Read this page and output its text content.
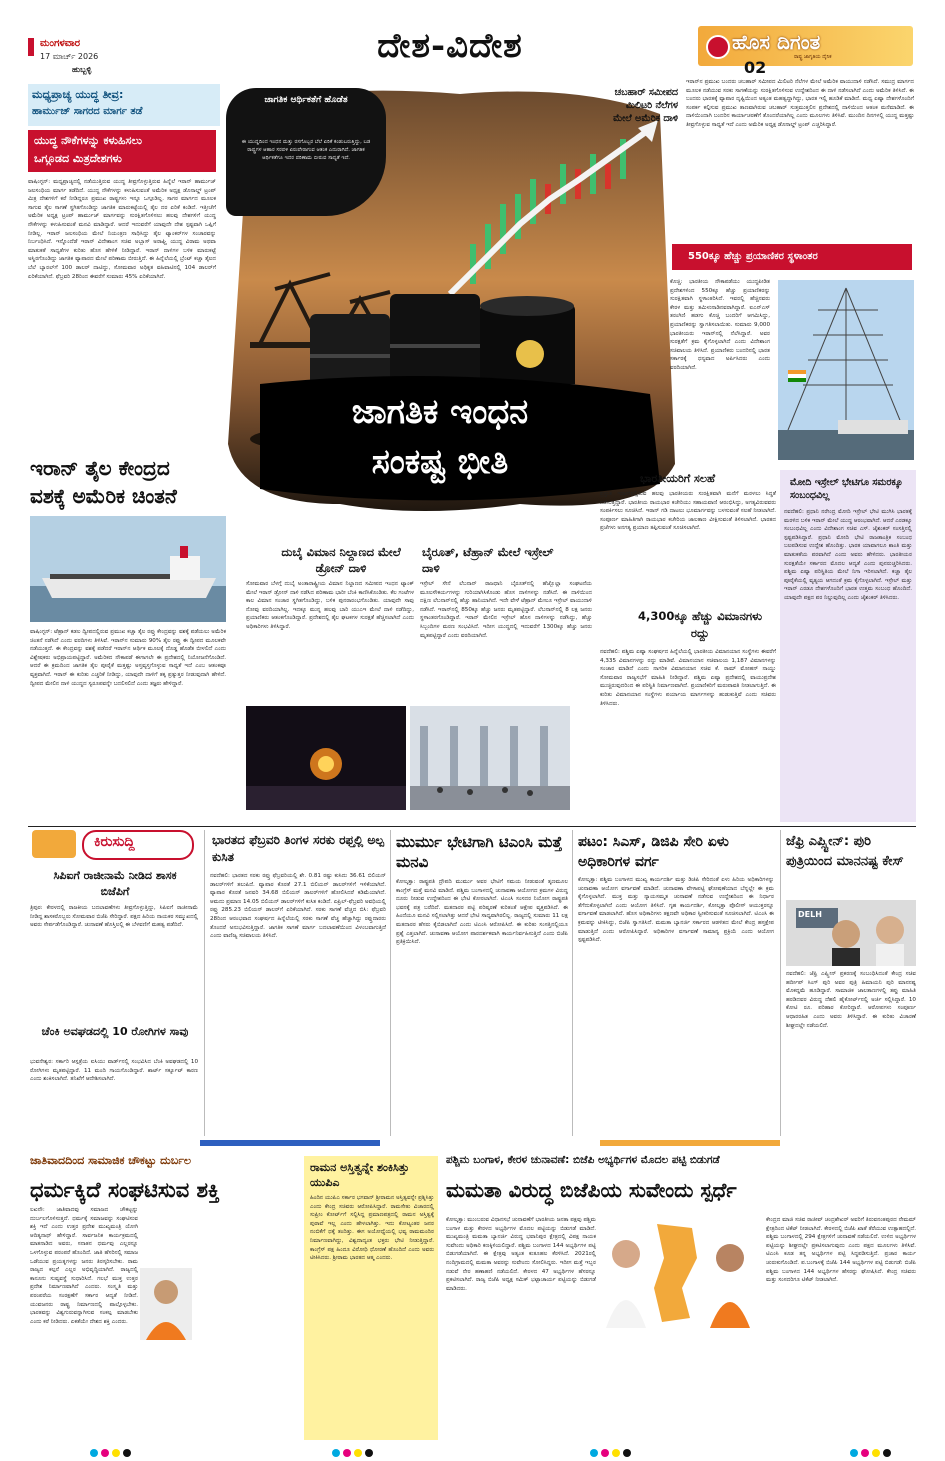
ಮಂಗಳವಾರ
17 ಮಾರ್ಚ್ 2026
ಹುಬ್ಬಳ್ಳಿ
ದೇಶ-ವಿದೇಶ	ಹೊಸ ದಿಗಂತ
ರಾಷ್ಟ್ರ ಜಾಗೃತಿಯ ದೈನಿಕ
02
ಮಧ್ಯಪ್ರಾಚ್ಯ ಯುದ್ಧ ತೀವ್ರ:
ಹಾರ್ಮುಜ್ ಸಾಗರದ ಮಾರ್ಗ ತಡೆ
ಯುದ್ಧ ನೌಕೆಗಳನ್ನು ಕಳುಹಿಸಲು
ಒಗ್ಗೂಡದ ಮಿತ್ರದೇಶಗಳು
ವಾಷಿಂಗ್ಟನ್: ಮಧ್ಯಪ್ರಾಚ್ಯದಲ್ಲಿ ನಡೆಯುತ್ತಿರುವ ಯುದ್ಧ ತೀವ್ರಗೊಳ್ಳುತ್ತಿರುವ ಹಿನ್ನೆಲೆ ಇರಾನ್ ಹಾರ್ಮುಜ್ ಜಲಸಂಧಿಯ ಮಾರ್ಗ ತಡೆದಿದೆ. ಯುದ್ಧ ನೌಕೆಗಳನ್ನು ಕಳುಹಿಸುವಂತೆ ಅಮೆರಿಕ ಅಧ್ಯಕ್ಷ ಡೊನಾಲ್ಡ್ ಟ್ರಂಪ್ ಮಿತ್ರ ದೇಶಗಳಿಗೆ ಕರೆ ನೀಡಿದ್ದರೂ ಪ್ರಮುಖ ರಾಷ್ಟ್ರಗಳು ಇನ್ನೂ ಒಗ್ಗೂಡಿಲ್ಲ. ಸಾಗರ ಮಾರ್ಗದ ಮೂಲಕ ಸಾಗುವ ತೈಲ ಸಾಗಣೆ ಸ್ಥಗಿತಗೊಂಡಿದ್ದು ಜಾಗತಿಕ ಮಾರುಕಟ್ಟೆಯಲ್ಲಿ ತೈಲ ದರ ಏರಿಕೆ ಕಂಡಿದೆ. ಇತ್ತೀಚೆಗೆ ಅಮೆರಿಕ ಅಧ್ಯಕ್ಷ ಟ್ರಂಪ್ ಹಾರ್ಮುಜ್ ಮಾರ್ಗವನ್ನು ಸುರಕ್ಷಿತಗೊಳಿಸಲು ಹಲವು ದೇಶಗಳಿಗೆ ಯುದ್ಧ ನೌಕೆಗಳನ್ನು ಕಳುಹಿಸುವಂತೆ ಮನವಿ ಮಾಡಿದ್ದಾರೆ. ಆದರೆ ಇದುವರೆಗೆ ಯಾವುದೇ ದೇಶ ಸ್ಪಷ್ಟವಾಗಿ ಒಪ್ಪಿಗೆ ನೀಡಿಲ್ಲ. ಇರಾನ್ ಜಲಸಂಧಿಯ ಮೇಲೆ ನಿಯಂತ್ರಣ ಸಾಧಿಸಿದ್ದು ತೈಲ ಟ್ಯಾಂಕರ್‌ಗಳ ಸಂಚಾರವನ್ನು ನಿರ್ಬಂಧಿಸಿದೆ. ಇನ್ನೊಂದೆಡೆ ಇರಾನ್ ವಿದೇಶಾಂಗ ಸಚಿವ ಅಬ್ಬಾಸ್ ಅರಾಘ್ಚಿ ಯುದ್ಧ ವಿರಾಮ ಅಥವಾ ಮಾತುಕತೆ ಸಾಧ್ಯತೆಗಳ ಕುರಿತು ಹೊಸ ಹೇಳಿಕೆ ನೀಡಿದ್ದಾರೆ. ಇರಾನ್ ದಾಳಿಗಳ ಬಳಿಕ ಮಾರುಕಟ್ಟೆ ಅಸ್ಥಿರಗೊಂಡಿದ್ದು ಜಾಗತಿಕ ವ್ಯಾಪಾರದ ಮೇಲೆ ಪರಿಣಾಮ ಬೀರುತ್ತಿದೆ. ಈ ಹಿನ್ನೆಲೆಯಲ್ಲಿ ಬ್ರೆಂಟ್ ಕಚ್ಚಾ ತೈಲದ ಬೆಲೆ ಬ್ಯಾರಲ್‌ಗೆ 100 ಡಾಲರ್ ದಾಟಿದ್ದು, ಸೋಮವಾರ ಅಧಿಕೃತ ವಹಿವಾಟಿನಲ್ಲಿ 104 ಡಾಲರ್‌ಗೆ ಏರಿಕೆಯಾಗಿದೆ. ಫೆಬ್ರವರಿ 28ರಿಂದ ಈವರೆಗೆ ಸುಮಾರು 45% ಏರಿಕೆಯಾಗಿದೆ.
ಜಾಗತಿಕ ಆರ್ಥಿಕತೆಗೆ ಹೊಡೆತ
ಈ ಯುದ್ಧದಿಂದ ಇಂಧನ ಮತ್ತು ರಸಗೊಬ್ಬರ ಬೆಲೆ ಏರಿಕೆ ಕಂಡುಬರುತ್ತಿದ್ದು, ಬಡ ರಾಷ್ಟ್ರಗಳ ಆಹಾರ ಸರಪಳಿ ಏರುಪೇರಾಗುವ ಆತಂಕ ಎದುರಾಗಿದೆ. ಜಾಗತಿಕ ಆರ್ಥಿಕತೆಗೂ ಇದರ ಪರಿಣಾಮ ಬೀರುವ ಸಾಧ್ಯತೆ ಇದೆ.
ಜಾಗತಿಕ ಇಂಧನ
ಸಂಕಷ್ಟ ಭೀತಿ
ಚಬಹಾರ್ ಸಮೀಪದ ಮಿಲಿಟರಿ ನೆಲೆಗಳ ಮೇಲೆ ಅಮೆರಿಕ ದಾಳಿ
ಇರಾನ್‌ನ ಪ್ರಮುಖ ಬಂದರು ಚಬಹಾರ್ ಸಮೀಪದ ಮಿಲಿಟರಿ ನೆಲೆಗಳ ಮೇಲೆ ಅಮೆರಿಕ ವಾಯುದಾಳಿ ನಡೆಸಿದೆ. ಸಮುದ್ರ ಮಾರ್ಗದ ಮೂಲಕ ನಡೆಯುವ ಸರಕು ಸಾಗಣೆಯನ್ನು ಸುರಕ್ಷಿತಗೊಳಿಸುವ ಉದ್ದೇಶದಿಂದ ಈ ದಾಳಿ ನಡೆಸಲಾಗಿದೆ ಎಂದು ಅಮೆರಿಕ ತಿಳಿಸಿದೆ. ಈ ಬಂದರು ಭಾರತಕ್ಕೆ ವ್ಯಾಪಾರ ದೃಷ್ಟಿಯಿಂದ ಅತ್ಯಂತ ಮಹತ್ವದ್ದಾಗಿದ್ದು, ಭಾರತ ಇಲ್ಲಿ ಹೂಡಿಕೆ ಮಾಡಿದೆ. ಮಧ್ಯ ಏಷ್ಯಾ ದೇಶಗಳೊಂದಿಗೆ ಸಂಪರ್ಕ ಕಲ್ಪಿಸುವ ಪ್ರಮುಖ ತಾಣವಾಗಿರುವ ಚಬಹಾರ್ ಸುತ್ತಮುತ್ತಲಿನ ಪ್ರದೇಶದಲ್ಲಿ ದಾಳಿಯಿಂದ ಆತಂಕ ಮನೆಮಾಡಿದೆ. ಈ ದಾಳಿಯಿಂದಾಗಿ ಬಂದರಿನ ಕಾರ್ಯಾಚರಣೆಗೆ ತೊಂದರೆಯಾಗಿಲ್ಲ ಎಂದು ಮೂಲಗಳು ತಿಳಿಸಿವೆ. ಮುಂದಿನ ದಿನಗಳಲ್ಲಿ ಯುದ್ಧ ಮತ್ತಷ್ಟು ತೀವ್ರಗೊಳ್ಳುವ ಸಾಧ್ಯತೆ ಇದೆ ಎಂದು ಅಮೆರಿಕ ಅಧ್ಯಕ್ಷ ಡೊನಾಲ್ಡ್ ಟ್ರಂಪ್ ಎಚ್ಚರಿಸಿದ್ದಾರೆ.
550ಕ್ಕೂ ಹೆಚ್ಚು ಪ್ರಯಾಣಿಕರ ಸ್ಥಳಾಂತರ
ಕೊಚ್ಚಿ: ಭಾರತೀಯ ನೌಕಾಪಡೆಯು ಯುದ್ಧಪೀಡಿತ ಪ್ರದೇಶಗಳಿಂದ 550ಕ್ಕೂ ಹೆಚ್ಚು ಪ್ರಯಾಣಿಕರನ್ನು ಸುರಕ್ಷಿತವಾಗಿ ಸ್ಥಳಾಂತರಿಸಿದೆ. ಇವರಲ್ಲಿ ಹೆಚ್ಚಿನವರು ಕೇರಳ ಮತ್ತು ತಮಿಳುನಾಡಿನವರಾಗಿದ್ದಾರೆ. ಐಎನ್‌ಎಸ್ ತರಂಗಿಣಿ ಹಡಗು ಕೊಚ್ಚಿ ಬಂದರಿಗೆ ಆಗಮಿಸಿದ್ದು, ಪ್ರಯಾಣಿಕರನ್ನು ಸ್ವಾಗತಿಸಲಾಯಿತು. ಸುಮಾರು 9,000 ಭಾರತೀಯರು ಇರಾನ್‌ನಲ್ಲಿ ನೆಲೆಸಿದ್ದಾರೆ. ಅವರ ಸುರಕ್ಷತೆಗೆ ಕ್ರಮ ಕೈಗೊಳ್ಳಲಾಗಿದೆ ಎಂದು ವಿದೇಶಾಂಗ ಸಚಿವಾಲಯ ತಿಳಿಸಿದೆ. ಪ್ರಯಾಣಿಕರು ಬಂದರಿನಲ್ಲಿ ಭಾರತ ಸರ್ಕಾರಕ್ಕೆ ಧನ್ಯವಾದ ಅರ್ಪಿಸಿದರು ಎಂದು ವರದಿಯಾಗಿದೆ.
ಇರಾನ್ ತೈಲ ಕೇಂದ್ರದ
ವಶಕ್ಕೆ ಅಮೆರಿಕ ಚಿಂತನೆ
ವಾಷಿಂಗ್ಟನ್: ಟೆಹ್ರಾನ್ ಕಡಲ ದ್ವೀಪದಲ್ಲಿರುವ ಪ್ರಮುಖ ಕಚ್ಚಾ ತೈಲ ರಫ್ತು ಕೇಂದ್ರವನ್ನು ವಶಕ್ಕೆ ಪಡೆಯಲು ಅಮೆರಿಕ ಚಿಂತನೆ ನಡೆಸಿದೆ ಎಂದು ವರದಿಗಳು ತಿಳಿಸಿವೆ. ಇರಾನ್‌ನ ಸುಮಾರು 90% ತೈಲ ರಫ್ತು ಈ ದ್ವೀಪದ ಮೂಲಕವೇ ನಡೆಯುತ್ತದೆ. ಈ ಕೇಂದ್ರವನ್ನು ವಶಕ್ಕೆ ಪಡೆದರೆ ಇರಾನ್‌ನ ಆರ್ಥಿಕ ಮೂಲಕ್ಕೆ ದೊಡ್ಡ ಹೊಡೆತ ಬೀಳಲಿದೆ ಎಂದು ವಿಶ್ಲೇಷಕರು ಅಭಿಪ್ರಾಯಪಟ್ಟಿದ್ದಾರೆ. ಅಮೆರಿಕದ ನೌಕಾಪಡೆ ಈಗಾಗಲೇ ಈ ಪ್ರದೇಶದಲ್ಲಿ ನಿಯೋಜನೆಗೊಂಡಿದೆ. ಆದರೆ ಈ ಕ್ರಮದಿಂದ ಜಾಗತಿಕ ತೈಲ ಪೂರೈಕೆ ಮತ್ತಷ್ಟು ಅಸ್ತವ್ಯಸ್ತಗೊಳ್ಳುವ ಸಾಧ್ಯತೆ ಇದೆ ಎಂಬ ಆತಂಕವೂ ವ್ಯಕ್ತವಾಗಿದೆ. ಇರಾನ್ ಈ ಕುರಿತು ಎಚ್ಚರಿಕೆ ನೀಡಿದ್ದು, ಯಾವುದೇ ದಾಳಿಗೆ ತಕ್ಕ ಪ್ರತ್ಯುತ್ತರ ನೀಡುವುದಾಗಿ ಹೇಳಿದೆ. ದ್ವೀಪದ ಮೇಲಿನ ದಾಳಿ ಯುದ್ಧದ ಸ್ವರೂಪವನ್ನೇ ಬದಲಿಸಲಿದೆ ಎಂದು ತಜ್ಞರು ಹೇಳಿದ್ದಾರೆ.
ದುಬೈ ವಿಮಾನ ನಿಲ್ದಾಣದ ಮೇಲೆ ಡ್ರೋನ್ ದಾಳಿ
ಸೋಮವಾರ ಬೆಳಗ್ಗೆ ದುಬೈ ಅಂತಾರಾಷ್ಟ್ರೀಯ ವಿಮಾನ ನಿಲ್ದಾಣದ ಸಮೀಪದ ಇಂಧನ ಟ್ಯಾಂಕ್ ಮೇಲೆ ಇರಾನ್ ಡ್ರೋನ್ ದಾಳಿ ನಡೆಸಿದ ಪರಿಣಾಮ ಭಾರೀ ಬೆಂಕಿ ಕಾಣಿಸಿಕೊಂಡಿತು. ಕೆಲ ಗಂಟೆಗಳ ಕಾಲ ವಿಮಾನ ಸಂಚಾರ ಸ್ಥಗಿತಗೊಂಡಿದ್ದು, ಬಳಿಕ ಪುನರಾರಂಭಗೊಂಡಿತು. ಯಾವುದೇ ಸಾವು ನೋವು ವರದಿಯಾಗಿಲ್ಲ. ಇದಕ್ಕೂ ಮುನ್ನ ಹಲವು ಬಾರಿ ಯುಎಇ ಮೇಲೆ ದಾಳಿ ನಡೆದಿದ್ದು, ಪ್ರಯಾಣಿಕರು ಆತಂಕಗೊಂಡಿದ್ದಾರೆ. ಪ್ರದೇಶದಲ್ಲಿ ತೈಲ ಘಟಕಗಳ ಸುರಕ್ಷತೆ ಹೆಚ್ಚಿಸಲಾಗಿದೆ ಎಂದು ಅಧಿಕಾರಿಗಳು ತಿಳಿಸಿದ್ದಾರೆ.
ಬೈರೂತ್, ಟೆಹ್ರಾನ್ ಮೇಲೆ ಇಸ್ರೇಲ್ ದಾಳಿ
ಇಸ್ರೇಲ್ ಸೇನೆ ಲೆಬನಾನ್ ರಾಜಧಾನಿ ಬೈರೂತ್‌ನಲ್ಲಿ ಹೆಜ್ಬೊಲ್ಲಾ ಸಂಘಟನೆಯ ಮೂಲಸೌಕರ್ಯಗಳನ್ನು ಗುರಿಯಾಗಿಸಿಕೊಂಡು ಹೊಸ ದಾಳಿಗಳನ್ನು ನಡೆಸಿದೆ. ಈ ದಾಳಿಯಿಂದ ದಕ್ಷಿಣ ಲೆಬನಾನ್‌ನಲ್ಲಿ ಹೆಚ್ಚು ಹಾನಿಯಾಗಿದೆ. ಇದೇ ವೇಳೆ ಟೆಹ್ರಾನ್ ಮೇಲೂ ಇಸ್ರೇಲ್ ವಾಯುದಾಳಿ ನಡೆಸಿದೆ. ಇರಾನ್‌ನಲ್ಲಿ 850ಕ್ಕೂ ಹೆಚ್ಚು ಜನರು ಮೃತಪಟ್ಟಿದ್ದಾರೆ. ಲೆಬನಾನ್‌ನಲ್ಲಿ 8 ಲಕ್ಷ ಜನರು ಸ್ಥಳಾಂತರಗೊಂಡಿದ್ದಾರೆ. ಇರಾನ್ ಮೇಲಿನ ಇಸ್ರೇಲ್ ಹೊಸ ದಾಳಿಗಳನ್ನು ನಡೆಸಿದ್ದು, ಹೆಚ್ಚು ಸಿಬ್ಬಂದಿಗಳ ಮರಣ ಸಂಭವಿಸಿದೆ. ಇದೀಗ ಯುದ್ಧದಲ್ಲಿ ಇದುವರೆಗೆ 1300ಕ್ಕೂ ಹೆಚ್ಚು ಜನರು ಮೃತಪಟ್ಟಿದ್ದಾರೆ ಎಂದು ವರದಿಯಾಗಿದೆ.
ಭಾರತೀಯರಿಗೆ ಸಲಹೆ
ಪ್ರಸ್ತುತ ಇರಾನ್‌ನಲ್ಲಿರುವ ಹಲವು ಭಾರತೀಯರು ಸುರಕ್ಷಿತವಾಗಿ ಮನೆಗೆ ಮರಳಲು ಸಿದ್ಧತೆ ನಡೆಸುತ್ತಿದ್ದಾರೆ. ಭಾರತೀಯ ರಾಯಭಾರ ಕಚೇರಿಯು ಸಹಾಯವಾಣಿ ಆರಂಭಿಸಿದ್ದು, ಅಗತ್ಯವಿರುವವರು ಸಂಪರ್ಕಿಸಲು ಸೂಚಿಸಿದೆ. ಇರಾನ್ ಗಡಿ ದಾಟಲು ಭೂಮಾರ್ಗವನ್ನು ಬಳಸುವಂತೆ ಸಲಹೆ ನೀಡಲಾಗಿದೆ. ಸಂಪೂರ್ಣ ಮಾಹಿತಿಗಾಗಿ ರಾಯಭಾರ ಕಚೇರಿಯ ಜಾಲತಾಣ ವೀಕ್ಷಿಸುವಂತೆ ತಿಳಿಸಲಾಗಿದೆ. ಭಾರತದ ಪ್ರಜೆಗಳು ಅನಗತ್ಯ ಪ್ರಯಾಣ ತಪ್ಪಿಸುವಂತೆ ಸೂಚಿಸಲಾಗಿದೆ.
4,300ಕ್ಕೂ ಹೆಚ್ಚು ವಿಮಾನಗಳು ರದ್ದು
ನವದೆಹಲಿ: ಪಶ್ಚಿಮ ಏಷ್ಯಾ ಸಂಘರ್ಷದ ಹಿನ್ನೆಲೆಯಲ್ಲಿ ಭಾರತೀಯ ವಿಮಾನಯಾನ ಸಂಸ್ಥೆಗಳು ಈವರೆಗೆ 4,335 ವಿಮಾನಗಳನ್ನು ರದ್ದು ಮಾಡಿವೆ. ವಿಮಾನಯಾನ ಸಚಿವಾಲಯ 1,187 ವಿಮಾನಗಳನ್ನು ಸಂಚಾರ ಮಾಡಿದೆ ಎಂದು ನಾಗರಿಕ ವಿಮಾನಯಾನ ಸಚಿವ ಕೆ. ರಾಮ್ ಮೋಹನ್ ನಾಯ್ಡು ಸೋಮವಾರ ರಾಜ್ಯಸಭೆಗೆ ಮಾಹಿತಿ ನೀಡಿದ್ದಾರೆ. ಪಶ್ಚಿಮ ಏಷ್ಯಾ ಪ್ರದೇಶದಲ್ಲಿ ವಾಯುಪ್ರದೇಶ ಮುಚ್ಚಿರುವುದರಿಂದ ಈ ಪರಿಸ್ಥಿತಿ ನಿರ್ಮಾಣವಾಗಿದೆ. ಪ್ರಯಾಣಿಕರಿಗೆ ಮರುಪಾವತಿ ನೀಡಲಾಗುತ್ತಿದೆ. ಈ ಕುರಿತು ವಿಮಾನಯಾನ ಸಂಸ್ಥೆಗಳು ಪರ್ಯಾಯ ಮಾರ್ಗಗಳನ್ನು ಹುಡುಕುತ್ತಿವೆ ಎಂದು ಸಚಿವರು ತಿಳಿಸಿದರು.
ಮೋದಿ ಇಸ್ರೇಲ್ ಭೇಟಿಗೂ ಸಮರಕ್ಕೂ ಸಂಬಂಧವಿಲ್ಲ
ನವದೆಹಲಿ: ಪ್ರಧಾನಿ ನರೇಂದ್ರ ಮೋದಿ ಇಸ್ರೇಲ್ ಭೇಟಿ ಮುಗಿಸಿ ಭಾರತಕ್ಕೆ ಮರಳಿದ ಬಳಿಕ ಇರಾನ್ ಮೇಲೆ ಯುದ್ಧ ಆರಂಭವಾಗಿದೆ. ಆದರೆ ಎರಡಕ್ಕೂ ಸಂಬಂಧವಿಲ್ಲ ಎಂದು ವಿದೇಶಾಂಗ ಸಚಿವ ಎಸ್. ಜೈಶಂಕರ್ ಸಂಸತ್ತಿನಲ್ಲಿ ಸ್ಪಷ್ಟಪಡಿಸಿದ್ದಾರೆ. ಪ್ರಧಾನಿ ಮೋದಿ ಭೇಟಿ ರಾಜತಾಂತ್ರಿಕ ಸಂಬಂಧ ಬಲಪಡಿಸುವ ಉದ್ದೇಶ ಹೊಂದಿತ್ತು. ಭಾರತ ಯಾವಾಗಲೂ ಶಾಂತಿ ಮತ್ತು ಮಾತುಕತೆಯ ಪರವಾಗಿದೆ ಎಂದು ಅವರು ಹೇಳಿದರು. ಭಾರತೀಯರ ಸುರಕ್ಷತೆಯೇ ಸರ್ಕಾರದ ಮೊದಲ ಆದ್ಯತೆ ಎಂದು ಪುನರುಚ್ಚರಿಸಿದರು. ಪಶ್ಚಿಮ ಏಷ್ಯಾ ಪರಿಸ್ಥಿತಿಯ ಮೇಲೆ ನಿಗಾ ಇರಿಸಲಾಗಿದೆ. ಕಚ್ಚಾ ತೈಲ ಪೂರೈಕೆಯಲ್ಲಿ ವ್ಯತ್ಯಯ ಆಗದಂತೆ ಕ್ರಮ ಕೈಗೊಳ್ಳಲಾಗಿದೆ. ಇಸ್ರೇಲ್ ಮತ್ತು ಇರಾನ್ ಎರಡೂ ದೇಶಗಳೊಂದಿಗೆ ಭಾರತ ಉತ್ತಮ ಸಂಬಂಧ ಹೊಂದಿದೆ. ಯಾವುದೇ ಪಕ್ಷದ ಪರ ನಿಲ್ಲುವುದಿಲ್ಲ ಎಂದು ಜೈಶಂಕರ್ ತಿಳಿಸಿದರು.
ಕಿರುಸುದ್ದಿ
ಸಿಪಿಐಗೆ ರಾಜೀನಾಮೆ ನೀಡಿದ ಶಾಸಕ ಬಿಜೆಪಿಗೆ
ತ್ರಿಪುರ: ಕೇರಳದಲ್ಲಿ ರಾಜಕೀಯ ಬದಲಾವಣೆಗಳು ತೀವ್ರಗೊಳ್ಳುತ್ತಿದ್ದು, ಸಿಪಿಐಗೆ ರಾಜೀನಾಮೆ ನೀಡಿದ್ದ ಶಾಸಕರೊಬ್ಬರು ಸೋಮವಾರ ಬಿಜೆಪಿ ಸೇರಿದ್ದಾರೆ. ಪಕ್ಷದ ಹಿರಿಯ ನಾಯಕರ ಸಮ್ಮುಖದಲ್ಲಿ ಅವರು ಸೇರ್ಪಡೆಗೊಂಡಿದ್ದಾರೆ. ಚುನಾವಣೆ ಹೊಸ್ತಿಲಲ್ಲಿ ಈ ಬೆಳವಣಿಗೆ ಮಹತ್ವ ಪಡೆದಿದೆ.
ಚೆಂಕಿ ಅವಘಡದಲ್ಲಿ 10 ರೋಗಿಗಳ ಸಾವು
ಭುವನೇಶ್ವರ: ಸರ್ಕಾರಿ ಆಸ್ಪತ್ರೆಯ ಐಸಿಯು ವಾರ್ಡ್‌ನಲ್ಲಿ ಸಂಭವಿಸಿದ ಬೆಂಕಿ ಅವಘಡದಲ್ಲಿ 10 ರೋಗಿಗಳು ಮೃತಪಟ್ಟಿದ್ದಾರೆ. 11 ಮಂದಿ ಗಾಯಗೊಂಡಿದ್ದಾರೆ. ಶಾರ್ಟ್ ಸರ್ಕ್ಯೂಟ್ ಕಾರಣ ಎಂದು ಶಂಕಿಸಲಾಗಿದೆ. ತನಿಖೆಗೆ ಆದೇಶಿಸಲಾಗಿದೆ.
ಭಾರತದ ಫೆಬ್ರವರಿ ತಿಂಗಳ ಸರಕು ರಫ್ತಲ್ಲಿ ಅಲ್ಪ ಕುಸಿತ
ನವದೆಹಲಿ: ಭಾರತದ ಸರಕು ರಫ್ತು ಫೆಬ್ರವರಿಯಲ್ಲಿ ಶೇ. 0.81 ರಷ್ಟು ಕುಸಿದು 36.61 ಬಿಲಿಯನ್ ಡಾಲರ್‌ಗಳಿಗೆ ತಲುಪಿದೆ. ವ್ಯಾಪಾರ ಕೊರತೆ 27.1 ಬಿಲಿಯನ್ ಡಾಲರ್‌ಗಳಿಗೆ ಇಳಿಕೆಯಾಗಿದೆ. ವ್ಯಾಪಾರ ಕೊರತೆ ಜನವರಿ 34.68 ಬಿಲಿಯನ್ ಡಾಲರ್‌ಗಳಿಗೆ ಹೋಲಿಸಿದರೆ ಕಡಿಮೆಯಾಗಿದೆ. ಆಮದು ಪ್ರಮಾಣ 14.05 ಬಿಲಿಯನ್ ಡಾಲರ್‌ಗಳಿಗೆ ಕುಸಿತ ಕಂಡಿದೆ. ಏಪ್ರಿಲ್-ಫೆಬ್ರವರಿ ಅವಧಿಯಲ್ಲಿ ರಫ್ತು 285.23 ಬಿಲಿಯನ್ ಡಾಲರ್‌ಗೆ ಏರಿಕೆಯಾಗಿದೆ. ಸರಕು ಸಾಗಣೆ ವೆಚ್ಚದ ಬಿಸಿ: ಫೆಬ್ರವರಿ 28ರಿಂದ ಆರಂಭವಾದ ಸಂಘರ್ಷದ ಹಿನ್ನೆಲೆಯಲ್ಲಿ ಸರಕು ಸಾಗಣೆ ವೆಚ್ಚ ಹೆಚ್ಚಾಗಿದ್ದು ರಫ್ತುದಾರರು ತೊಂದರೆ ಅನುಭವಿಸುತ್ತಿದ್ದಾರೆ. ಜಾಗತಿಕ ಸಾಗಣೆ ಮಾರ್ಗ ಬದಲಾವಣೆಯಿಂದ ವಿಳಂಬವಾಗುತ್ತಿದೆ ಎಂದು ವಾಣಿಜ್ಯ ಸಚಿವಾಲಯ ತಿಳಿಸಿದೆ.
ಮುರ್ಮು ಭೇಟಿಗಾಗಿ ಟಿಎಂಸಿ ಮತ್ತೆ ಮನವಿ
ಕೋಲ್ಕತ್ತಾ: ರಾಷ್ಟ್ರಪತಿ ದ್ರೌಪದಿ ಮುರ್ಮು ಅವರ ಭೇಟಿಗೆ ಸಮಯ ನೀಡುವಂತೆ ತೃಣಮೂಲ ಕಾಂಗ್ರೆಸ್ ಮತ್ತೆ ಮನವಿ ಮಾಡಿದೆ. ಪಶ್ಚಿಮ ಬಂಗಾಳದಲ್ಲಿ ಚುನಾವಣಾ ಆಯೋಗದ ಕ್ರಮಗಳ ವಿರುದ್ಧ ದೂರು ನೀಡುವ ಉದ್ದೇಶದಿಂದ ಈ ಭೇಟಿ ಕೋರಲಾಗಿದೆ. ಟಿಎಂಸಿ ಸಂಸದರ ನಿಯೋಗ ರಾಷ್ಟ್ರಪತಿ ಭವನಕ್ಕೆ ಪತ್ರ ಬರೆದಿದೆ. ಮತದಾರರ ಪಟ್ಟಿ ಪರಿಷ್ಕರಣೆ ಕುರಿತಂತೆ ಆಕ್ಷೇಪ ವ್ಯಕ್ತಪಡಿಸಿದೆ. ಈ ಹಿಂದೆಯೂ ಮನವಿ ಸಲ್ಲಿಸಲಾಗಿತ್ತು ಆದರೆ ಭೇಟಿ ಸಾಧ್ಯವಾಗಿರಲಿಲ್ಲ. ರಾಜ್ಯದಲ್ಲಿ ಸುಮಾರು 11 ಲಕ್ಷ ಮತದಾರರ ಹೆಸರು ಕೈಬಿಡಲಾಗಿದೆ ಎಂದು ಟಿಎಂಸಿ ಆರೋಪಿಸಿದೆ. ಈ ಕುರಿತು ಸಂಸತ್ತಿನಲ್ಲಿಯೂ ಪ್ರಶ್ನೆ ಎತ್ತಲಾಗಿದೆ. ಚುನಾವಣಾ ಆಯೋಗ ಪಾರದರ್ಶಕವಾಗಿ ಕಾರ್ಯನಿರ್ವಹಿಸುತ್ತಿದೆ ಎಂದು ಬಿಜೆಪಿ ಪ್ರತಿಕ್ರಿಯಿಸಿದೆ.
ಪಟಂ: ಸಿಎಸ್, ಡಿಜಿಪಿ ಸೇರಿ ಏಳು ಅಧಿಕಾರಿಗಳ ವರ್ಗ
ಕೋಲ್ಕತ್ತಾ: ಪಶ್ಚಿಮ ಬಂಗಾಳದ ಮುಖ್ಯ ಕಾರ್ಯದರ್ಶಿ ಮತ್ತು ಡಿಜಿಪಿ ಸೇರಿದಂತೆ ಏಳು ಹಿರಿಯ ಅಧಿಕಾರಿಗಳನ್ನು ಚುನಾವಣಾ ಆಯೋಗ ವರ್ಗಾವಣೆ ಮಾಡಿದೆ. ಚುನಾವಣಾ ವೇಳಾಪಟ್ಟಿ ಘೋಷಣೆಯಾದ ಬೆನ್ನಲ್ಲೇ ಈ ಕ್ರಮ ಕೈಗೊಳ್ಳಲಾಗಿದೆ. ಮುಕ್ತ ಮತ್ತು ನ್ಯಾಯಸಮ್ಮತ ಚುನಾವಣೆ ನಡೆಸುವ ಉದ್ದೇಶದಿಂದ ಈ ನಿರ್ಧಾರ ತೆಗೆದುಕೊಳ್ಳಲಾಗಿದೆ ಎಂದು ಆಯೋಗ ತಿಳಿಸಿದೆ. ಗೃಹ ಕಾರ್ಯದರ್ಶಿ, ಕೋಲ್ಕತ್ತಾ ಪೊಲೀಸ್ ಆಯುಕ್ತರನ್ನೂ ವರ್ಗಾವಣೆ ಮಾಡಲಾಗಿದೆ. ಹೊಸ ಅಧಿಕಾರಿಗಳು ತಕ್ಷಣವೇ ಅಧಿಕಾರ ಸ್ವೀಕರಿಸುವಂತೆ ಸೂಚಿಸಲಾಗಿದೆ. ಟಿಎಂಸಿ ಈ ಕ್ರಮವನ್ನು ಟೀಕಿಸಿದ್ದು, ಬಿಜೆಪಿ ಸ್ವಾಗತಿಸಿದೆ. ಮಮತಾ ಬ್ಯಾನರ್ಜಿ ಸರ್ಕಾರದ ಆಡಳಿತದ ಮೇಲೆ ಕೇಂದ್ರ ಹಸ್ತಕ್ಷೇಪ ಮಾಡುತ್ತಿದೆ ಎಂದು ಆರೋಪಿಸಿದ್ದಾರೆ. ಅಧಿಕಾರಿಗಳ ವರ್ಗಾವಣೆ ಸಾಮಾನ್ಯ ಪ್ರಕ್ರಿಯೆ ಎಂದು ಆಯೋಗ ಸ್ಪಷ್ಟಪಡಿಸಿದೆ.
ಜೆಫ್ರಿ ಎಪ್ಸ್ಟೀನ್: ಪುರಿ ಪುತ್ರಿಯಿಂದ ಮಾನನಷ್ಟ ಕೇಸ್
DELH
ನವದೆಹಲಿ: ಜೆಫ್ರಿ ಎಪ್ಸ್ಟೀನ್ ಪ್ರಕರಣಕ್ಕೆ ಸಂಬಂಧಿಸಿದಂತೆ ಕೇಂದ್ರ ಸಚಿವ ಹರ್ದೀಪ್ ಸಿಂಗ್ ಪುರಿ ಅವರ ಪುತ್ರಿ ಹಿಮಾಯನಿ ಪುರಿ ಮಾನನಷ್ಟ ಮೊಕದ್ದಮೆ ಹೂಡಿದ್ದಾರೆ. ಸಾಮಾಜಿಕ ಜಾಲತಾಣಗಳಲ್ಲಿ ತಪ್ಪು ಮಾಹಿತಿ ಹರಡಿದವರ ವಿರುದ್ಧ ದೆಹಲಿ ಹೈಕೋರ್ಟ್‌ನಲ್ಲಿ ಅರ್ಜಿ ಸಲ್ಲಿಸಿದ್ದಾರೆ. 10 ಕೋಟಿ ರೂ. ಪರಿಹಾರ ಕೋರಿದ್ದಾರೆ. ಆರೋಪಗಳು ಸಂಪೂರ್ಣ ಆಧಾರರಹಿತ ಎಂದು ಅವರು ತಿಳಿಸಿದ್ದಾರೆ. ಈ ಕುರಿತು ವಿಚಾರಣೆ ಶೀಘ್ರದಲ್ಲೇ ನಡೆಯಲಿದೆ.
ಜಾತಿವಾದದಿಂದ ಸಾಮಾಜಿಕ ಚೌಕಟ್ಟು ದುರ್ಬಲ
ಧರ್ಮಕ್ಕಿದೆ ಸಂಘಟಿಸುವ ಶಕ್ತಿ
ಲಖನೌ: ಜಾತಿವಾದವು ಸಮಾಜದ ಚೌಕಟ್ಟನ್ನು ದುರ್ಬಲಗೊಳಿಸುತ್ತದೆ. ಧರ್ಮಕ್ಕೆ ಸಮಾಜವನ್ನು ಸಂಘಟಿಸುವ ಶಕ್ತಿ ಇದೆ ಎಂದು ಉತ್ತರ ಪ್ರದೇಶ ಮುಖ್ಯಮಂತ್ರಿ ಯೋಗಿ ಆದಿತ್ಯನಾಥ್ ಹೇಳಿದ್ದಾರೆ. ಸಾರ್ವಜನಿಕ ಕಾರ್ಯಕ್ರಮದಲ್ಲಿ ಮಾತನಾಡಿದ ಅವರು, ಸನಾತನ ಧರ್ಮವು ಎಲ್ಲರನ್ನೂ ಒಳಗೊಳ್ಳುವ ಪರಂಪರೆ ಹೊಂದಿದೆ. ಜಾತಿ ಹೆಸರಿನಲ್ಲಿ ಸಮಾಜ ಒಡೆಯುವ ಪ್ರಯತ್ನಗಳನ್ನು ಜನರು ತಿರಸ್ಕರಿಸಬೇಕು. ರಾಮ ರಾಜ್ಯದ ಕಲ್ಪನೆ ಎಲ್ಲರ ಅಭಿವೃದ್ಧಿಯಾಗಿದೆ. ರಾಜ್ಯದಲ್ಲಿ ಕಾನೂನು ಸುವ್ಯವಸ್ಥೆ ಸುಧಾರಿಸಿದೆ. ಗಲಭೆ ಮುಕ್ತ ಉತ್ತರ ಪ್ರದೇಶ ನಿರ್ಮಾಣವಾಗಿದೆ ಎಂದರು. ಸಂಸ್ಕೃತಿ ಮತ್ತು ಪರಂಪರೆಯ ಸಂರಕ್ಷಣೆಗೆ ಸರ್ಕಾರ ಆದ್ಯತೆ ನೀಡಿದೆ. ಯುವಜನರು ರಾಷ್ಟ್ರ ನಿರ್ಮಾಣದಲ್ಲಿ ಪಾಲ್ಗೊಳ್ಳಬೇಕು. ಭಾರತವನ್ನು ವಿಶ್ವಗುರುವನ್ನಾಗಿಸುವ ಸಂಕಲ್ಪ ಮಾಡಬೇಕು ಎಂದು ಕರೆ ನೀಡಿದರು. ಏಕತೆಯೇ ದೇಶದ ಶಕ್ತಿ ಎಂದರು.
ರಾಮನ ಅಸ್ತಿತ್ವನ್ನೇ ಶಂಕಿಸಿತ್ತು ಯುಪಿಎ
ಹಿಂದಿನ ಯುಪಿಎ ಸರ್ಕಾರ ಭಗವಾನ್ ಶ್ರೀರಾಮನ ಅಸ್ತಿತ್ವವನ್ನೇ ಪ್ರಶ್ನಿಸಿತ್ತು ಎಂದು ಕೇಂದ್ರ ಸಚಿವರು ಆರೋಪಿಸಿದ್ದಾರೆ. ರಾಮಸೇತು ವಿಚಾರದಲ್ಲಿ ಸುಪ್ರೀಂ ಕೋರ್ಟ್‌ಗೆ ಸಲ್ಲಿಸಿದ್ದ ಪ್ರಮಾಣಪತ್ರದಲ್ಲಿ ರಾಮನ ಅಸ್ತಿತ್ವಕ್ಕೆ ಪುರಾವೆ ಇಲ್ಲ ಎಂದು ಹೇಳಲಾಗಿತ್ತು. ಇದು ಕೋಟ್ಯಂತರ ಜನರ ನಂಬಿಕೆಗೆ ಧಕ್ಕೆ ತಂದಿತ್ತು. ಈಗ ಅಯೋಧ್ಯೆಯಲ್ಲಿ ಭವ್ಯ ರಾಮಮಂದಿರ ನಿರ್ಮಾಣವಾಗಿದ್ದು, ವಿಶ್ವದಾದ್ಯಂತ ಭಕ್ತರು ಭೇಟಿ ನೀಡುತ್ತಿದ್ದಾರೆ. ಕಾಂಗ್ರೆಸ್ ಪಕ್ಷ ಹಿಂದೂ ವಿರೋಧಿ ಧೋರಣೆ ಹೊಂದಿದೆ ಎಂದು ಅವರು ಟೀಕಿಸಿದರು. ಶ್ರೀರಾಮ ಭಾರತದ ಆತ್ಮ ಎಂದರು.
ಪಶ್ಚಿಮ ಬಂಗಾಳ, ಕೇರಳ ಚುನಾವಣೆ: ಬಿಜೆಪಿ ಅಭ್ಯರ್ಥಿಗಳ ಮೊದಲ ಪಟ್ಟಿ ಬಿಡುಗಡೆ
ಮಮತಾ ವಿರುದ್ಧ ಬಿಜೆಪಿಯ ಸುವೇಂದು ಸ್ಪರ್ಧೆ
ಕೋಲ್ಕತ್ತಾ: ಮುಂಬರುವ ವಿಧಾನಸಭೆ ಚುನಾವಣೆಗೆ ಭಾರತೀಯ ಜನತಾ ಪಕ್ಷವು ಪಶ್ಚಿಮ ಬಂಗಾಳ ಮತ್ತು ಕೇರಳದ ಅಭ್ಯರ್ಥಿಗಳ ಮೊದಲ ಪಟ್ಟಿಯನ್ನು ಬಿಡುಗಡೆ ಮಾಡಿದೆ. ಮುಖ್ಯಮಂತ್ರಿ ಮಮತಾ ಬ್ಯಾನರ್ಜಿ ವಿರುದ್ಧ ಭವಾನಿಪುರ ಕ್ಷೇತ್ರದಲ್ಲಿ ವಿಪಕ್ಷ ನಾಯಕ ಸುವೇಂದು ಅಧಿಕಾರಿ ಕಣಕ್ಕಿಳಿಯಲಿದ್ದಾರೆ. ಪಶ್ಚಿಮ ಬಂಗಾಳದ 144 ಅಭ್ಯರ್ಥಿಗಳ ಪಟ್ಟಿ ಬಿಡುಗಡೆಯಾಗಿದೆ. ಈ ಕ್ಷೇತ್ರವು ಅತ್ಯಂತ ಕುತೂಹಲ ಕೆರಳಿಸಿದೆ. 2021ರಲ್ಲಿ ನಂದಿಗ್ರಾಮದಲ್ಲಿ ಮಮತಾ ಅವರನ್ನು ಸುವೇಂದು ಸೋಲಿಸಿದ್ದರು. ಇದೀಗ ಮತ್ತೆ ಇಬ್ಬರ ನಡುವೆ ನೇರ ಹಣಾಹಣಿ ನಡೆಯಲಿದೆ. ಕೇರಳದ 47 ಅಭ್ಯರ್ಥಿಗಳ ಹೆಸರನ್ನೂ ಪ್ರಕಟಿಸಲಾಗಿದೆ. ರಾಜ್ಯ ಬಿಜೆಪಿ ಅಧ್ಯಕ್ಷ ಸಮಿಕ್ ಭಟ್ಟಾಚಾರ್ಯ ಪಟ್ಟಿಯನ್ನು ಬಿಡುಗಡೆ ಮಾಡಿದರು.
ಕೇಂದ್ರದ ಮಾಜಿ ಸಚಿವ ರಾಜೀವ್ ಚಂದ್ರಶೇಖರ್ ಅವರಿಗೆ ತಿರುವನಂತಪುರದ ನೇಮಮ್ ಕ್ಷೇತ್ರದಿಂದ ಟಿಕೆಟ್ ನೀಡಲಾಗಿದೆ. ಕೇರಳದಲ್ಲಿ ಬಿಜೆಪಿ ಖಾತೆ ತೆರೆಯುವ ಉತ್ಸಾಹದಲ್ಲಿದೆ. ಪಶ್ಚಿಮ ಬಂಗಾಳದಲ್ಲಿ 294 ಕ್ಷೇತ್ರಗಳಿಗೆ ಚುನಾವಣೆ ನಡೆಯಲಿದೆ. ಉಳಿದ ಅಭ್ಯರ್ಥಿಗಳ ಪಟ್ಟಿಯನ್ನು ಶೀಘ್ರದಲ್ಲೇ ಪ್ರಕಟಿಸಲಾಗುವುದು ಎಂದು ಪಕ್ಷದ ಮೂಲಗಳು ತಿಳಿಸಿವೆ. ಟಿಎಂಸಿ ಕೂಡ ತನ್ನ ಅಭ್ಯರ್ಥಿಗಳ ಪಟ್ಟಿ ಸಿದ್ಧಪಡಿಸುತ್ತಿದೆ. ಪ್ರಚಾರ ಕಾರ್ಯ ಚುರುಕುಗೊಂಡಿದೆ. ಪ.ಬಂಗಾಳಕ್ಕೆ ಬಿಜೆಪಿ 144 ಅಭ್ಯರ್ಥಿಗಳ ಪಟ್ಟಿ ಬಿಡುಗಡೆ: ಬಿಜೆಪಿ ಪಶ್ಚಿಮ ಬಂಗಾಳದ 144 ಅಭ್ಯರ್ಥಿಗಳ ಹೆಸರನ್ನು ಘೋಷಿಸಿದೆ. ಕೇಂದ್ರ ಸಚಿವರು ಮತ್ತು ಸಂಸದರಿಗೂ ಟಿಕೆಟ್ ನೀಡಲಾಗಿದೆ.
